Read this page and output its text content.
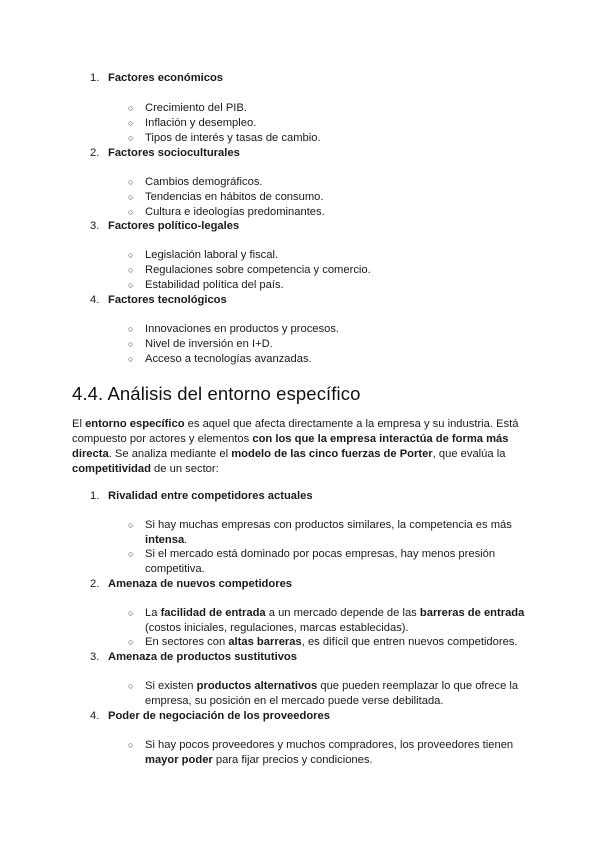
1. Factores económicos
○	Crecimiento del PIB.
○	Inflación y desempleo.
○	Tipos de interés y tasas de cambio.
2. Factores socioculturales
○	Cambios demográficos.
○	Tendencias en hábitos de consumo.
○	Cultura e ideologías predominantes.
3. Factores político-legales
○	Legislación laboral y fiscal.
○	Regulaciones sobre competencia y comercio.
○	Estabilidad política del país.
4. Factores tecnológicos
○	Innovaciones en productos y procesos.
○	Nivel de inversión en I+D.
○	Acceso a tecnologías avanzadas.
4.4. Análisis del entorno específico
El entorno específico es aquel que afecta directamente a la empresa y su industria. Está compuesto por actores y elementos con los que la empresa interactúa de forma más directa. Se analiza mediante el modelo de las cinco fuerzas de Porter, que evalúa la competitividad de un sector:
1. Rivalidad entre competidores actuales
○	Si hay muchas empresas con productos similares, la competencia es más intensa.
○	Si el mercado está dominado por pocas empresas, hay menos presión competitiva.
2. Amenaza de nuevos competidores
○	La facilidad de entrada a un mercado depende de las barreras de entrada (costos iniciales, regulaciones, marcas establecidas).
○	En sectores con altas barreras, es difícil que entren nuevos competidores.
3. Amenaza de productos sustitutivos
○	Si existen productos alternativos que pueden reemplazar lo que ofrece la empresa, su posición en el mercado puede verse debilitada.
4. Poder de negociación de los proveedores
○	Si hay pocos proveedores y muchos compradores, los proveedores tienen mayor poder para fijar precios y condiciones.
